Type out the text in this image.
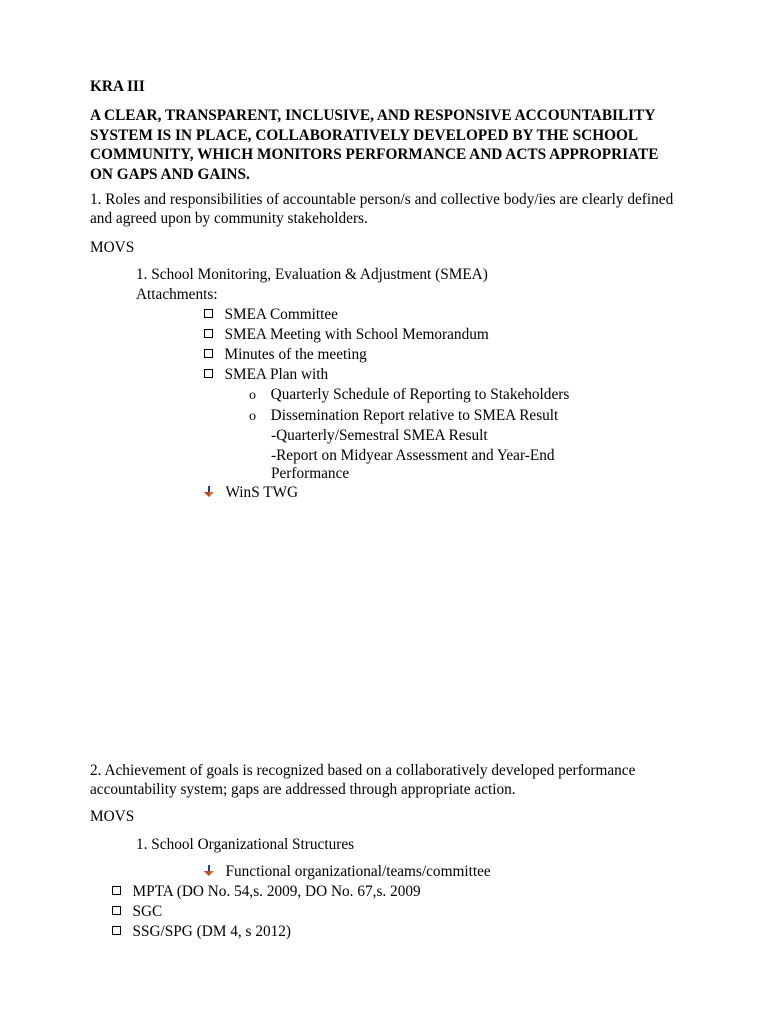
KRA III
A CLEAR, TRANSPARENT, INCLUSIVE, AND RESPONSIVE ACCOUNTABILITY SYSTEM IS IN PLACE, COLLABORATIVELY DEVELOPED BY THE SCHOOL COMMUNITY, WHICH MONITORS PERFORMANCE AND ACTS APPROPRIATE ON GAPS AND GAINS.
1. Roles and responsibilities of accountable person/s and collective body/ies are clearly defined and agreed upon by community stakeholders.
MOVS
1. School Monitoring, Evaluation & Adjustment (SMEA)
Attachments:
SMEA Committee
SMEA Meeting with School Memorandum
Minutes of the meeting
SMEA Plan with
o Quarterly Schedule of Reporting to Stakeholders
o Dissemination Report relative to SMEA Result
-Quarterly/Semestral SMEA Result
-Report on Midyear Assessment and Year-End
Performance
WinS TWG
2. Achievement of goals is recognized based on a collaboratively developed performance accountability system; gaps are addressed through appropriate action.
MOVS
1. School Organizational Structures
Functional organizational/teams/committee
MPTA (DO No. 54,s. 2009, DO No. 67,s. 2009
SGC
SSG/SPG (DM 4, s 2012)
